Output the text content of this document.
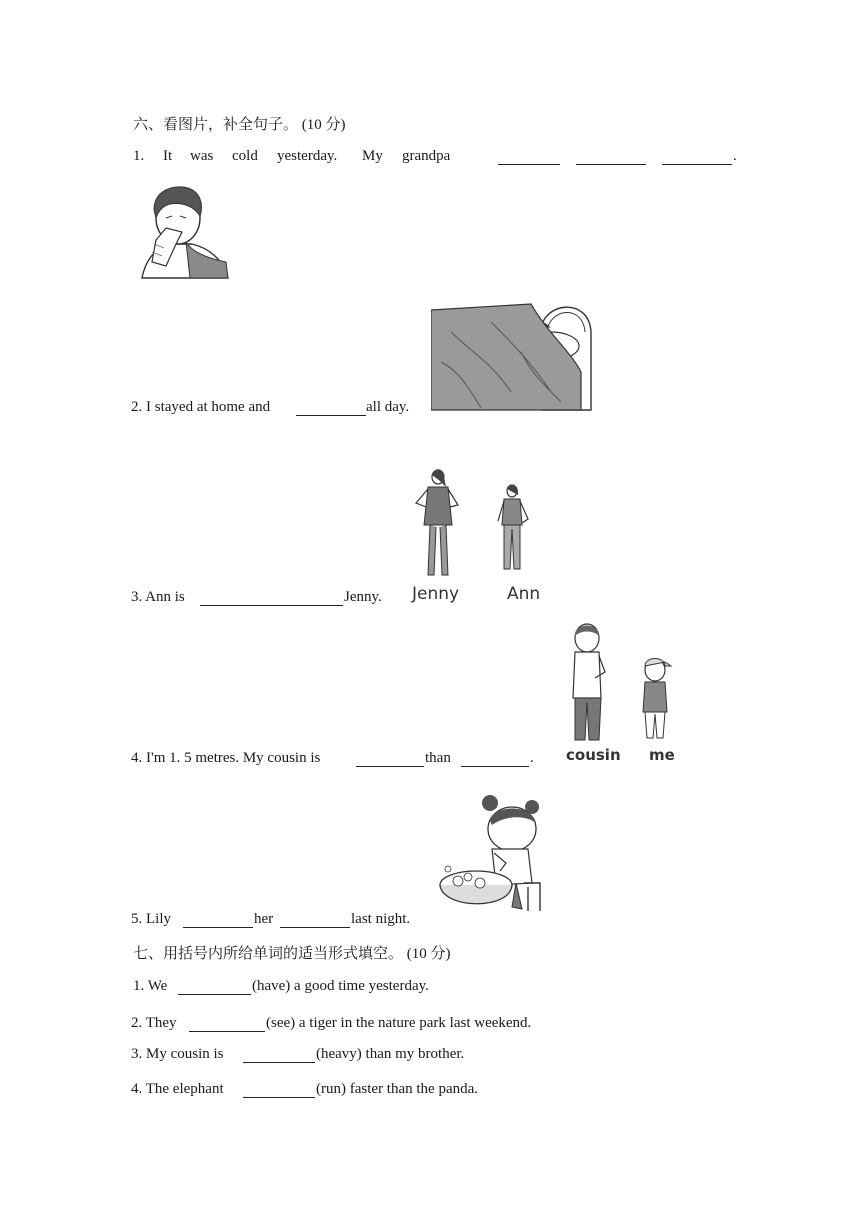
六、看图片，补全句子。 (10 分)
1. It was cold yesterday. My grandpa	.
2. I stayed at home and	all day.
Jenny	Ann
3. Ann is	Jenny.
cousin me
4. I'm 1. 5 metres. My cousin is	than	.
5. Lily	her	last night.
七、用括号内所给单词的适当形式填空。 (10 分)
1. We	(have) a good time yesterday.
2. They	(see) a tiger in the nature park last weekend.
3. My cousin is	(heavy) than my brother.
4. The elephant	(run) faster than the panda.
